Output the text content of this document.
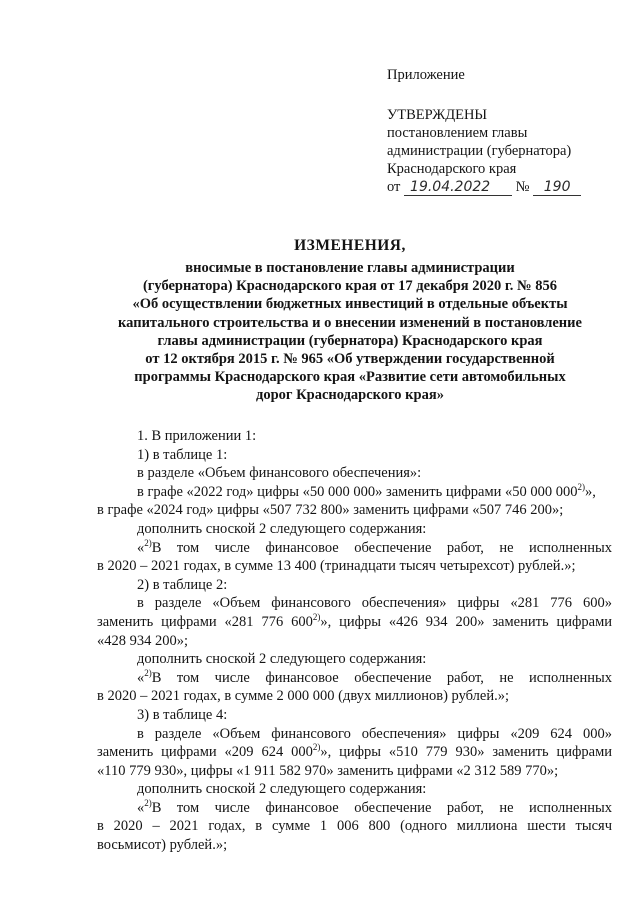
Приложение
УТВЕРЖДЕНЫ
постановлением главы
администрации (губернатора)
Краснодарского края
от 19.04.2022 № 190
ИЗМЕНЕНИЯ,
вносимые в постановление главы администрации
(губернатора) Краснодарского края от 17 декабря 2020 г. № 856
«Об осуществлении бюджетных инвестиций в отдельные объекты
капитального строительства и о внесении изменений в постановление
главы администрации (губернатора) Краснодарского края
от 12 октября 2015 г. № 965 «Об утверждении государственной
программы Краснодарского края «Развитие сети автомобильных
дорог Краснодарского края»
1. В приложении 1:
1) в таблице 1:
в разделе «Объем финансового обеспечения»:
в графе «2022 год» цифры «50 000 000» заменить цифрами «50 000 000$^{2)}$»,
в графе «2024 год» цифры «507 732 800» заменить цифрами «507 746 200»;
дополнить сноской 2 следующего содержания:
«$^{2)}$В том числе финансовое обеспечение работ, не исполненных
в 2020 – 2021 годах, в сумме 13 400 (тринадцати тысяч четырехсот) рублей.»;
2) в таблице 2:
в разделе «Объем финансового обеспечения» цифры «281 776 600»
заменить цифрами «281 776 600$^{2)}$», цифры «426 934 200» заменить цифрами
«428 934 200»;
дополнить сноской 2 следующего содержания:
«$^{2)}$В том числе финансовое обеспечение работ, не исполненных
в 2020 – 2021 годах, в сумме 2 000 000 (двух миллионов) рублей.»;
3) в таблице 4:
в разделе «Объем финансового обеспечения» цифры «209 624 000»
заменить цифрами «209 624 000$^{2)}$», цифры «510 779 930» заменить цифрами
«110 779 930», цифры «1 911 582 970» заменить цифрами «2 312 589 770»;
дополнить сноской 2 следующего содержания:
«$^{2)}$В том числе финансовое обеспечение работ, не исполненных
в 2020 – 2021 годах, в сумме 1 006 800 (одного миллиона шести тысяч
восьмисот) рублей.»;
